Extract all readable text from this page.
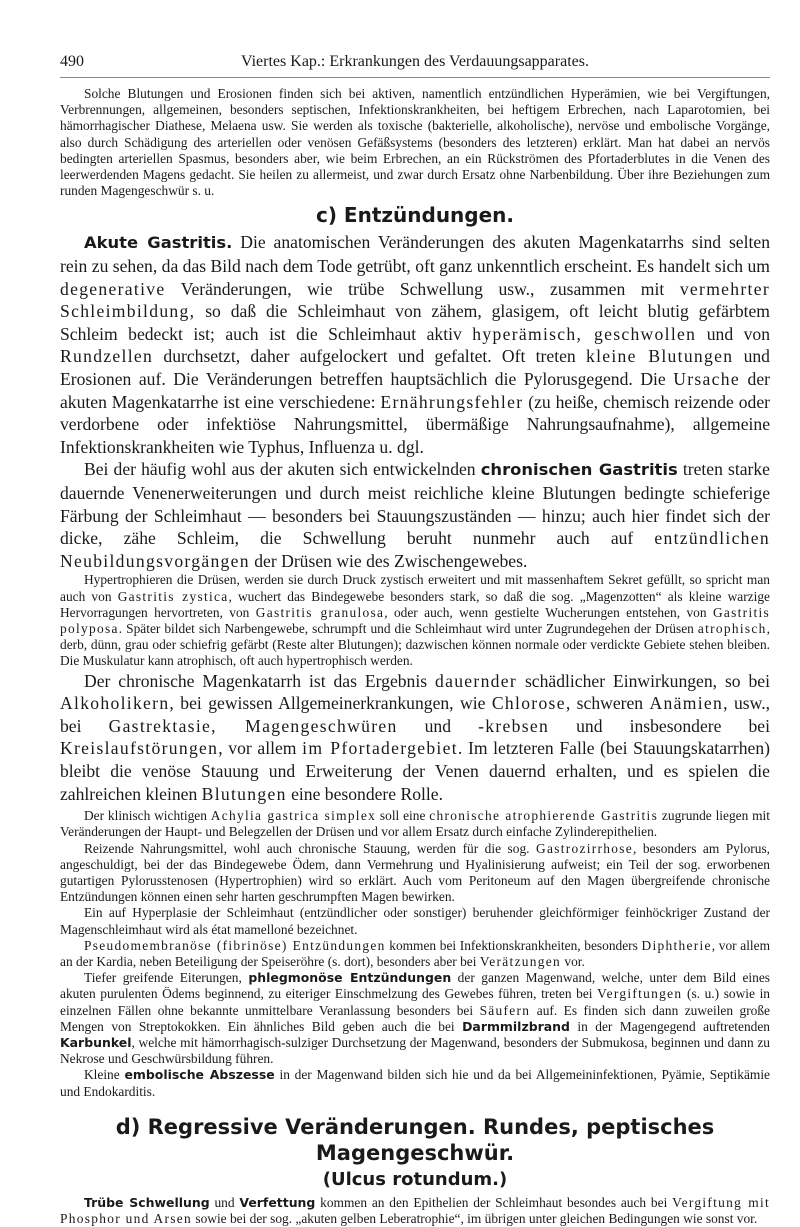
490	Viertes Kap.: Erkrankungen des Verdauungsapparates.

Solche Blutungen und Erosionen finden sich bei aktiven, namentlich entzündlichen Hyperämien, wie bei Vergiftungen, Verbrennungen, allgemeinen, besonders septischen, Infektionskrankheiten, bei heftigem Erbrechen, nach Laparotomien, bei hämorrhagischer Diathese, Melaena usw. Sie werden als toxische (bakterielle, alkoholische), nervöse und embolische Vorgänge, also durch Schädigung des arteriellen oder venösen Gefäßsystems (besonders des letzteren) erklärt. Man hat dabei an nervös bedingten arteriellen Spasmus, besonders aber, wie beim Erbrechen, an ein Rückströmen des Pfortaderblutes in die Venen des leerwerdenden Magens gedacht. Sie heilen zu allermeist, und zwar durch Ersatz ohne Narbenbildung. Über ihre Beziehungen zum runden Magengeschwür s. u.

c) Entzündungen.

Akute Gastritis. Die anatomischen Veränderungen des akuten Magenkatarrhs sind selten rein zu sehen, da das Bild nach dem Tode getrübt, oft ganz unkenntlich erscheint. Es handelt sich um degenerative Veränderungen, wie trübe Schwellung usw., zusammen mit vermehrter Schleimbildung, so daß die Schleimhaut von zähem, glasigem, oft leicht blutig gefärbtem Schleim bedeckt ist; auch ist die Schleimhaut aktiv hyperämisch, geschwollen und von Rundzellen durchsetzt, daher aufgelockert und gefaltet. Oft treten kleine Blutungen und Erosionen auf. Die Veränderungen betreffen hauptsächlich die Pylorusgegend. Die Ursache der akuten Magenkatarrhe ist eine verschiedene: Ernährungsfehler (zu heiße, chemisch reizende oder verdorbene oder infektiöse Nahrungsmittel, übermäßige Nahrungsaufnahme), allgemeine Infektionskrankheiten wie Typhus, Influenza u. dgl.

Bei der häufig wohl aus der akuten sich entwickelnden chronischen Gastritis treten starke dauernde Venenerweiterungen und durch meist reichliche kleine Blutungen bedingte schieferige Färbung der Schleimhaut — besonders bei Stauungszuständen — hinzu; auch hier findet sich der dicke, zähe Schleim, die Schwellung beruht nunmehr auch auf entzündlichen Neubildungsvorgängen der Drüsen wie des Zwischengewebes.

Hypertrophieren die Drüsen, werden sie durch Druck zystisch erweitert und mit massenhaftem Sekret gefüllt, so spricht man auch von Gastritis zystica, wuchert das Bindegewebe besonders stark, so daß die sog. „Magenzotten“ als kleine warzige Hervorragungen hervortreten, von Gastritis granulosa, oder auch, wenn gestielte Wucherungen entstehen, von Gastritis polyposa. Später bildet sich Narbengewebe, schrumpft und die Schleimhaut wird unter Zugrundegehen der Drüsen atrophisch, derb, dünn, grau oder schiefrig gefärbt (Reste alter Blutungen); dazwischen können normale oder verdickte Gebiete stehen bleiben. Die Muskulatur kann atrophisch, oft auch hypertrophisch werden.

Der chronische Magenkatarrh ist das Ergebnis dauernder schädlicher Einwirkungen, so bei Alkoholikern, bei gewissen Allgemeinerkrankungen, wie Chlorose, schweren Anämien, usw., bei Gastrektasie, Magengeschwüren und -krebsen und insbesondere bei Kreislaufstörungen, vor allem im Pfortadergebiet. Im letzteren Falle (bei Stauungskatarrhen) bleibt die venöse Stauung und Erweiterung der Venen dauernd erhalten, und es spielen die zahlreichen kleinen Blutungen eine besondere Rolle.

Der klinisch wichtigen Achylia gastrica simplex soll eine chronische atrophierende Gastritis zugrunde liegen mit Veränderungen der Haupt- und Belegzellen der Drüsen und vor allem Ersatz durch einfache Zylinderepithelien.

Reizende Nahrungsmittel, wohl auch chronische Stauung, werden für die sog. Gastrozirrhose, besonders am Pylorus, angeschuldigt, bei der das Bindegewebe Ödem, dann Vermehrung und Hyalinisierung aufweist; ein Teil der sog. erworbenen gutartigen Pylorusstenosen (Hypertrophien) wird so erklärt. Auch vom Peritoneum auf den Magen übergreifende chronische Entzündungen können einen sehr harten geschrumpften Magen bewirken.

Ein auf Hyperplasie der Schleimhaut (entzündlicher oder sonstiger) beruhender gleichförmiger feinhöckriger Zustand der Magenschleimhaut wird als état mamelloné bezeichnet.

Pseudomembranöse (fibrinöse) Entzündungen kommen bei Infektionskrankheiten, besonders Diphtherie, vor allem an der Kardia, neben Beteiligung der Speiseröhre (s. dort), besonders aber bei Verätzungen vor.

Tiefer greifende Eiterungen, phlegmonöse Entzündungen der ganzen Magenwand, welche, unter dem Bild eines akuten purulenten Ödems beginnend, zu eiteriger Einschmelzung des Gewebes führen, treten bei Vergiftungen (s. u.) sowie in einzelnen Fällen ohne bekannte unmittelbare Veranlassung besonders bei Säufern auf. Es finden sich dann zuweilen große Mengen von Streptokokken. Ein ähnliches Bild geben auch die bei Darmmilzbrand in der Magengegend auftretenden Karbunkel, welche mit hämorrhagisch-sulziger Durchsetzung der Magenwand, besonders der Submukosa, beginnen und dann zu Nekrose und Geschwürsbildung führen.

Kleine embolische Abszesse in der Magenwand bilden sich hie und da bei Allgemeininfektionen, Pyämie, Septikämie und Endokarditis.

d) Regressive Veränderungen. Rundes, peptisches Magengeschwür.
(Ulcus rotundum.)

Trübe Schwellung und Verfettung kommen an den Epithelien der Schleimhaut besondes auch bei Vergiftung mit Phosphor und Arsen sowie bei der sog. „akuten gelben Leberatrophie“, im übrigen unter gleichen Bedingungen wie sonst vor.
